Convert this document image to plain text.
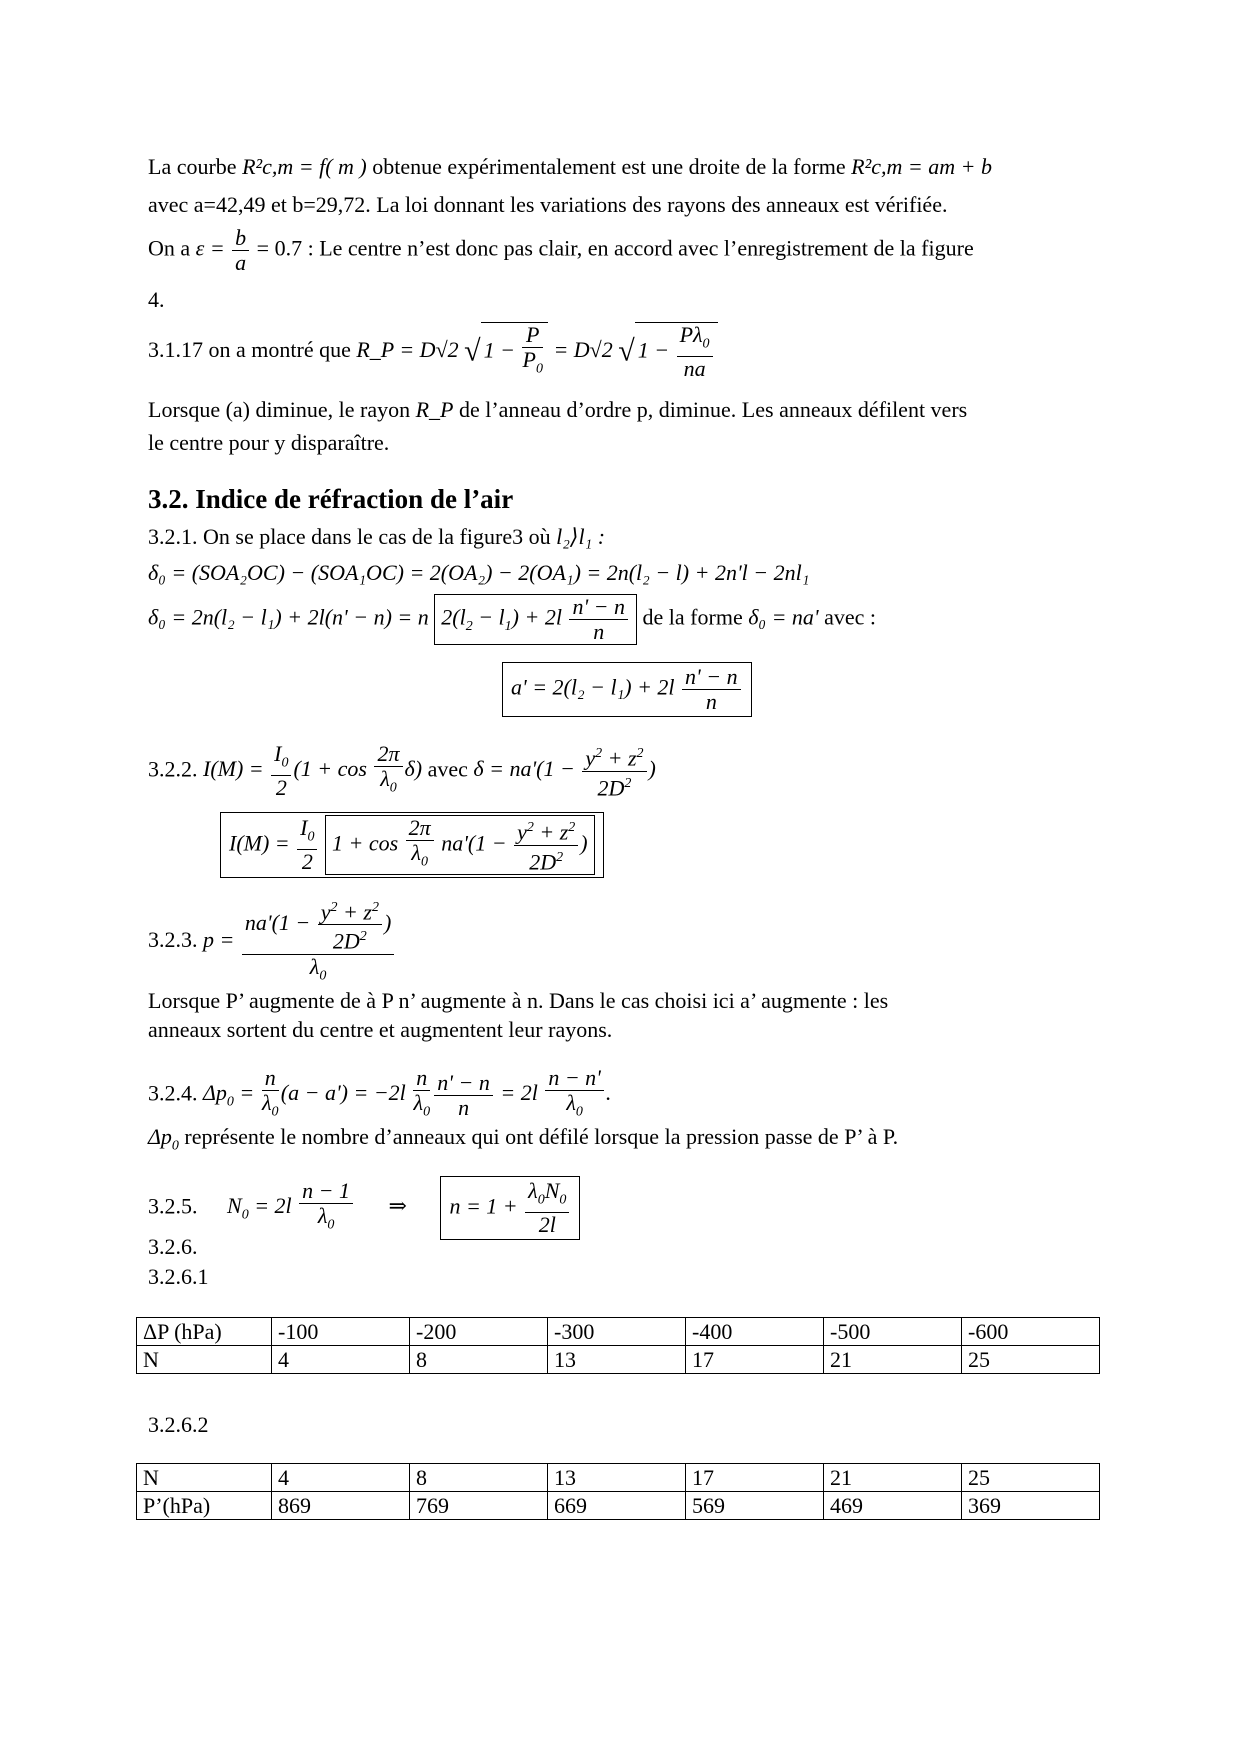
La courbe R²c,m = f( m ) obtenue expérimentalement est une droite de la forme R²c,m = am + b
avec a=42,49 et b=29,72. La loi donnant les variations des rayons des anneaux est vérifiée.
On a $\varepsilon = \frac{b}{a} = 0.7$ : Le centre n’est donc pas clair, en accord avec l’enregistrement de la figure
4.
3.1.17 on a montré que R_P = D√2 √ $1 - \frac{P}{P_0} = D√2$ √ $1 - \frac{P\lambda_0}{na}$
Lorsque (a) diminue, le rayon R_P de l’anneau d’ordre p, diminue. Les anneaux défilent vers
le centre pour y disparaître.
3.2. Indice de réfraction de l’air
3.2.1. On se place dans le cas de la figure3 où l₂⟩l₁ :
δ₀ = (SOA₂OC) − (SOA₁OC) = 2(OA₂) − 2(OA₁) = 2n(l₂ − l) + 2n'l − 2nl₁
δ₀ = 2n(l₂ − l₁) + 2l(n' − n) = n $2(l_2 - l_1) + 2l \frac{n' - n}{n}$ de la forme δ₀ = na' avec :
$a' = 2(l_2 - l_1) + 2l \frac{n' - n}{n}$
3.2.2. $I(M) = \frac{I_0}{2} (1 + \cos \frac{2\pi}{\lambda_0} \delta)$ avec $\delta = na'(1 - \frac{y^2 + z^2}{2D^2}$ )
$I(M) = \frac{I_0}{2} 1 + \cos \frac{2\pi}{\lambda_0} na'(1 - \frac{y^2 + z^2}{2D^2}$ )
3.2.3. $p = \frac{na'(1 - \frac{y^2 + z^2}{2D^2} )}{\lambda_0}$
Lorsque P’ augmente de à P n’ augmente à n. Dans le cas choisi ici a’ augmente : les
anneaux sortent du centre et augmentent leur rayons.
3.2.4. $\Delta p_0 = \frac{n}{\lambda_0} (a - a') = -2l \frac{n}{\lambda_0} \frac{n' - n}{n} = 2l \frac{n - n'}{\lambda_0}$ .
$\Delta p_0$ représente le nombre d’anneaux qui ont défilé lorsque la pression passe de P’ à P.
3.2.5. $N_0 = 2l \frac{n - 1}{\lambda_0}$ ⇒ $n = 1 + \frac{\lambda_0N_0}{2l}$
3.2.6.
3.2.6.1
ΔP (hPa)	-100	-200	-300	-400	-500	-600
N	4	8	13	17	21	25
3.2.6.2
N	4	8	13	17	21	25
P’(hPa)	869	769	669	569	469	369
